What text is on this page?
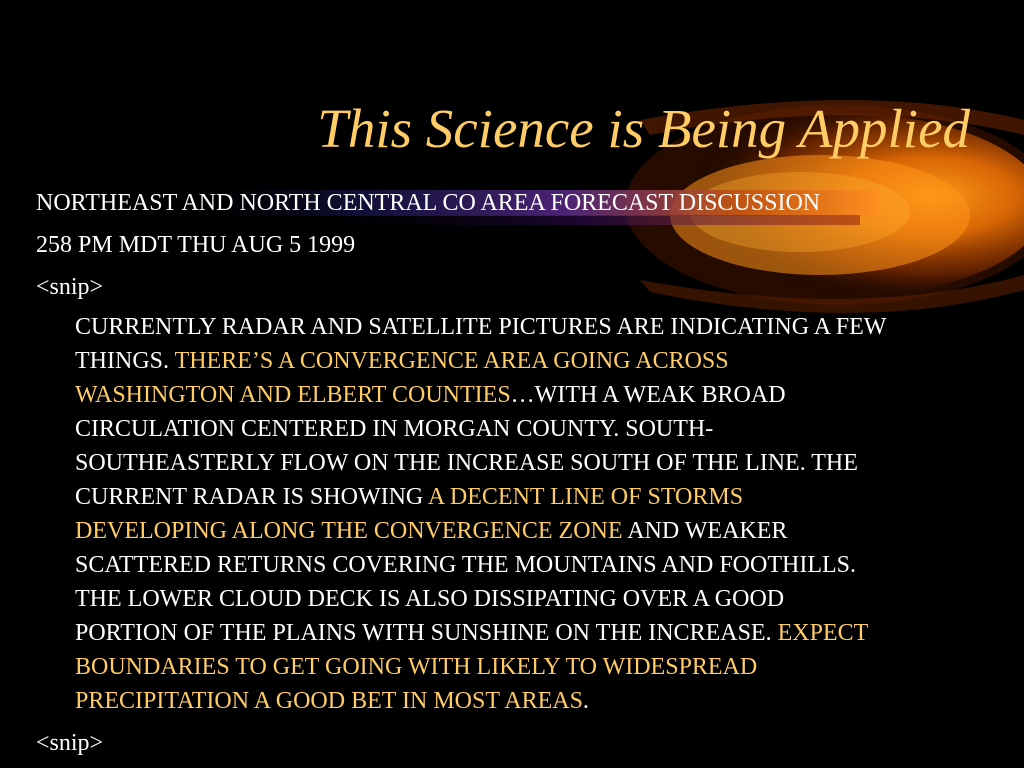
This Science is Being Applied
NORTHEAST AND NORTH CENTRAL CO AREA FORECAST DISCUSSION
258 PM MDT THU AUG 5 1999
<snip>
CURRENTLY RADAR AND SATELLITE PICTURES ARE INDICATING A FEW
THINGS. THERE’S A CONVERGENCE AREA GOING ACROSS
WASHINGTON AND ELBERT COUNTIES…WITH A WEAK BROAD
CIRCULATION CENTERED IN MORGAN COUNTY. SOUTH-
SOUTHEASTERLY FLOW ON THE INCREASE SOUTH OF THE LINE. THE
CURRENT RADAR IS SHOWING A DECENT LINE OF STORMS
DEVELOPING ALONG THE CONVERGENCE ZONE AND WEAKER
SCATTERED RETURNS COVERING THE MOUNTAINS AND FOOTHILLS.
THE LOWER CLOUD DECK IS ALSO DISSIPATING OVER A GOOD
PORTION OF THE PLAINS WITH SUNSHINE ON THE INCREASE. EXPECT
BOUNDARIES TO GET GOING WITH LIKELY TO WIDESPREAD
PRECIPITATION A GOOD BET IN MOST AREAS.
<snip>
